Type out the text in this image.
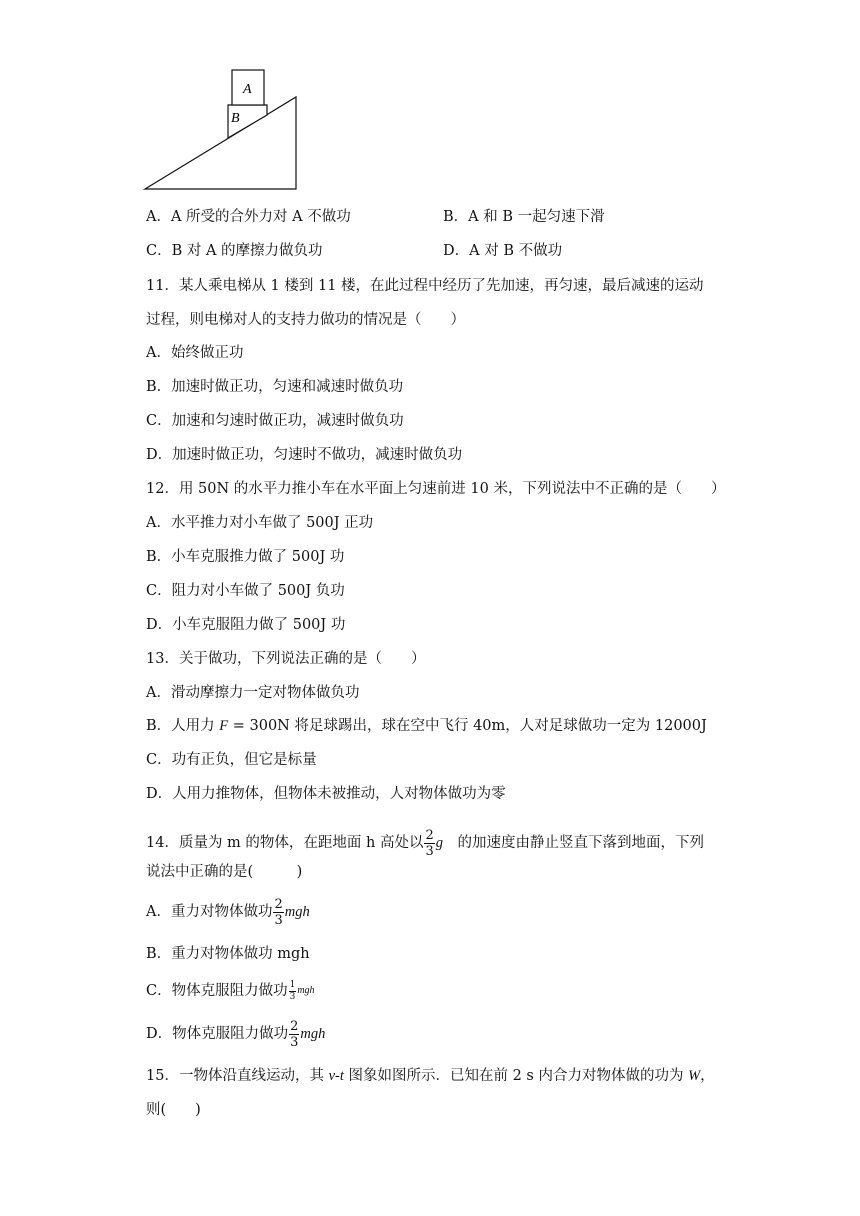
A
B
A．A 所受的合外力对 A 不做功	B．A 和 B 一起匀速下滑
C．B 对 A 的摩擦力做负功	D．A 对 B 不做功
11．某人乘电梯从 1 楼到 11 楼，在此过程中经历了先加速，再匀速，最后减速的运动
过程，则电梯对人的支持力做功的情况是（　　）
A．始终做正功
B．加速时做正功，匀速和减速时做负功
C．加速和匀速时做正功，减速时做负功
D．加速时做正功，匀速时不做功，减速时做负功
12．用 50N 的水平力推小车在水平面上匀速前进 10 米，下列说法中不正确的是（　　）
A．水平推力对小车做了 500J 正功
B．小车克服推力做了 500J 功
C．阻力对小车做了 500J 负功
D．小车克服阻力做了 500J 功
13．关于做功，下列说法正确的是（　　）
A．滑动摩擦力一定对物体做负功
B．人用力 F = 300N 将足球踢出，球在空中飞行 40m，人对足球做功一定为 12000J
C．功有正负，但它是标量
D．人用力推物体，但物体未被推动，人对物体做功为零
14．质量为 m 的物体，在距地面 h 高处以 $\frac{2}{3}$ g 　的加速度由静止竖直下落到地面，下列
说法中正确的是(　　　)
A．重力对物体做功 $\frac{2}{3}$ mgh
B．重力对物体做功 mgh
C．物体克服阻力做功 $\frac{1}{3}$ mgh
D．物体克服阻力做功 $\frac{2}{3}$ mgh
15．一物体沿直线运动，其 v-t 图象如图所示．已知在前 2 s 内合力对物体做的功为 W，
则(　　)
